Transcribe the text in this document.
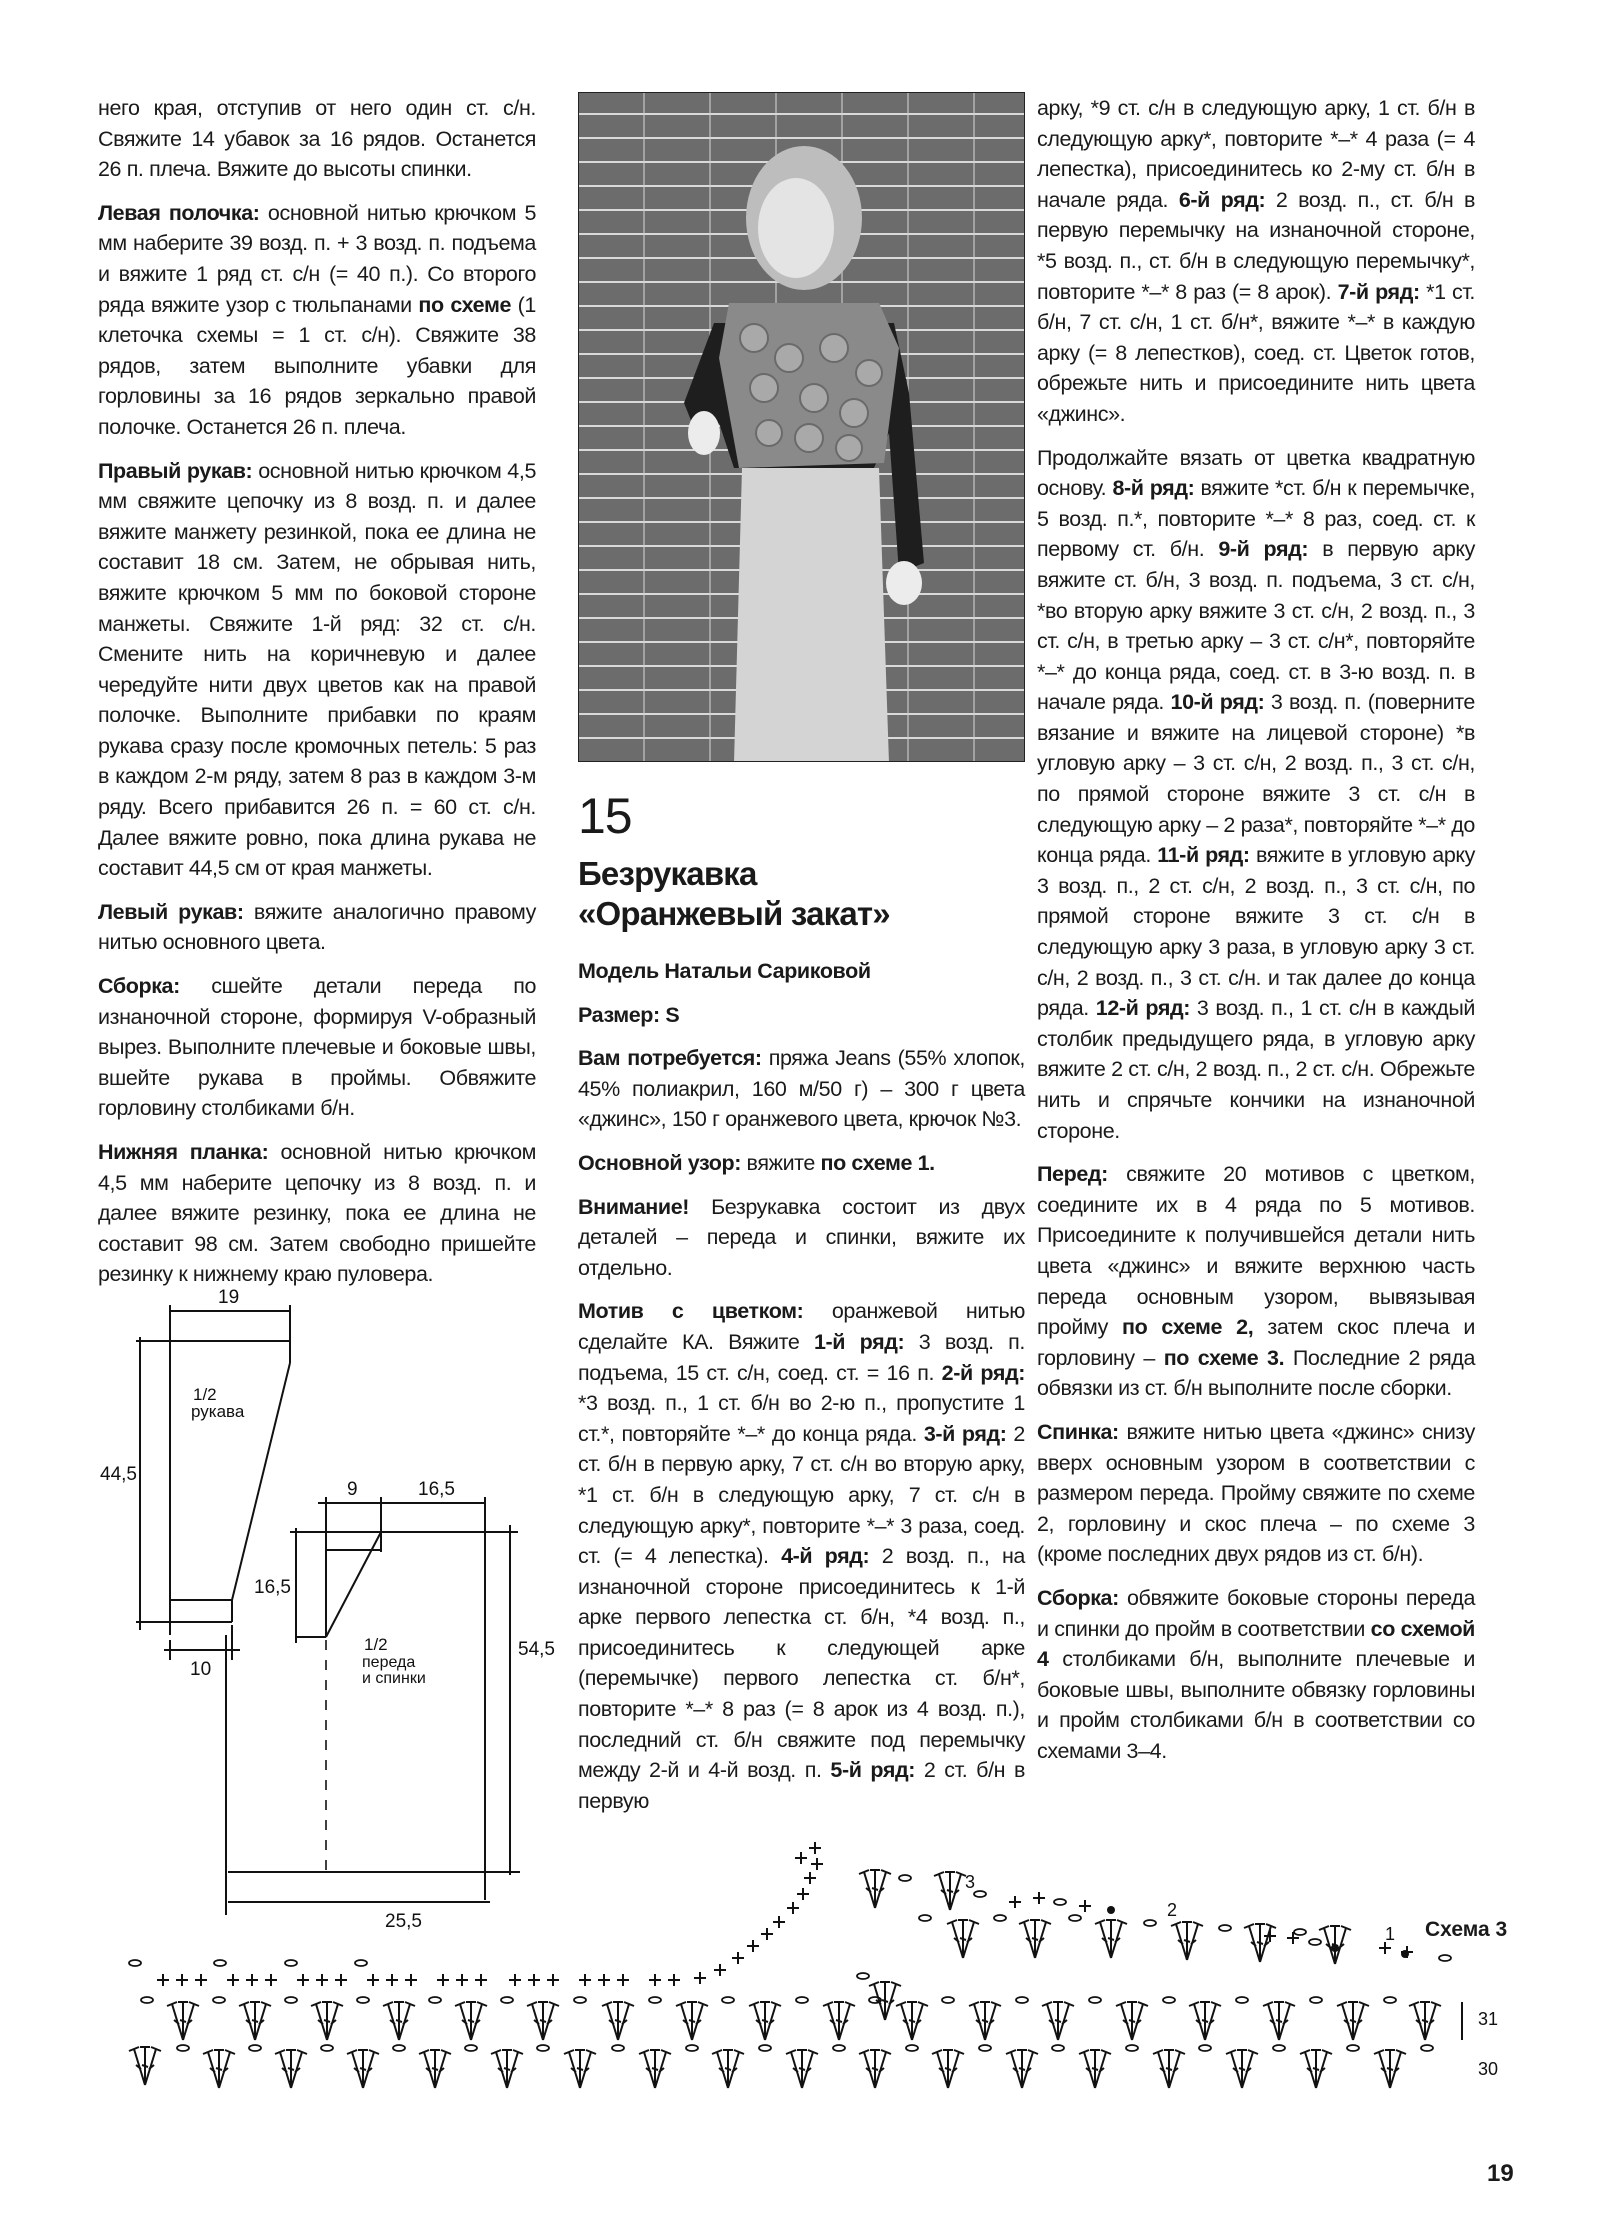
него края, отступив от него один ст. с/н. Свяжите 14 убавок за 16 рядов. Останется 26 п. плеча. Вяжите до высоты спинки.

Левая полочка: основной нитью крючком 5 мм наберите 39 возд. п. + 3 возд. п. подъема и вяжите 1 ряд ст. с/н (= 40 п.). Со второго ряда вяжите узор с тюльпанами по схеме (1 клеточка схемы = 1 ст. с/н). Свяжите 38 рядов, затем выполните убавки для горловины за 16 рядов зеркально правой полочке. Останется 26 п. плеча.

Правый рукав: основной нитью крючком 4,5 мм свяжите цепочку из 8 возд. п. и далее вяжите манжету резинкой, пока ее длина не составит 18 см. Затем, не обрывая нить, вяжите крючком 5 мм по боковой стороне манжеты. Свяжите 1-й ряд: 32 ст. с/н. Смените нить на коричневую и далее чередуйте нити двух цветов как на правой полочке. Выполните прибавки по краям рукава сразу после кромочных петель: 5 раз в каждом 2-м ряду, затем 8 раз в каждом 3-м ряду. Всего прибавится 26 п. = 60 ст. с/н. Далее вяжите ровно, пока длина рукава не составит 44,5 см от края манжеты.

Левый рукав: вяжите аналогично правому нитью основного цвета.

Сборка: сшейте детали переда по изнаночной стороне, формируя V-образный вырез. Выполните плечевые и боковые швы, вшейте рукава в проймы. Обвяжите горловину столбиками б/н.

Нижняя планка: основной нитью крючком 4,5 мм наберите цепочку из 8 возд. п. и далее вяжите резинку, пока ее длина не составит 98 см. Затем свободно пришейте резинку к нижнему краю пуловера.

15
Безрукавка
«Оранжевый закат»

Модель Натальи Сариковой

Размер: S

Вам потребуется: пряжа Jeans (55% хлопок, 45% полиакрил, 160 м/50 г) – 300 г цвета «джинс», 150 г оранжевого цвета, крючок №3.

Основной узор: вяжите по схеме 1.

Внимание! Безрукавка состоит из двух деталей – переда и спинки, вяжите их отдельно.

Мотив с цветком: оранжевой нитью сделайте КА. Вяжите 1-й ряд: 3 возд. п. подъема, 15 ст. с/н, соед. ст. = 16 п. 2-й ряд: *3 возд. п., 1 ст. б/н во 2-ю п., пропустите 1 ст.*, повторяйте *–* до конца ряда. 3-й ряд: 2 ст. б/н в первую арку, 7 ст. с/н во вторую арку, *1 ст. б/н в следующую арку, 7 ст. с/н в следующую арку*, повторите *–* 3 раза, соед. ст. (= 4 лепестка). 4-й ряд: 2 возд. п., на изнаночной стороне присоединитесь к 1-й арке первого лепестка ст. б/н, *4 возд. п., присоединитесь к следующей арке (перемычке) первого лепестка ст. б/н*, повторите *–* 8 раз (= 8 арок из 4 возд. п.), последний ст. б/н свяжите под перемычку между 2-й и 4-й возд. п. 5-й ряд: 2 ст. б/н в первую

арку, *9 ст. с/н в следующую арку, 1 ст. б/н в следующую арку*, повторите *–* 4 раза (= 4 лепестка), присоединитесь ко 2-му ст. б/н в начале ряда. 6-й ряд: 2 возд. п., ст. б/н в первую перемычку на изнаночной стороне, *5 возд. п., ст. б/н в следующую перемычку*, повторите *–* 8 раз (= 8 арок). 7-й ряд: *1 ст. б/н, 7 ст. с/н, 1 ст. б/н*, вяжите *–* в каждую арку (= 8 лепестков), соед. ст. Цветок готов, обрежьте нить и присоедините нить цвета «джинс».

Продолжайте вязать от цветка квадратную основу. 8-й ряд: вяжите *ст. б/н к перемычке, 5 возд. п.*, повторите *–* 8 раз, соед. ст. к первому ст. б/н. 9-й ряд: в первую арку вяжите ст. б/н, 3 возд. п. подъема, 3 ст. с/н, *во вторую арку вяжите 3 ст. с/н, 2 возд. п., 3 ст. с/н, в третью арку – 3 ст. с/н*, повторяйте *–* до конца ряда, соед. ст. в 3-ю возд. п. в начале ряда. 10-й ряд: 3 возд. п. (поверните вязание и вяжите на лицевой стороне) *в угловую арку – 3 ст. с/н, 2 возд. п., 3 ст. с/н, по прямой стороне вяжите 3 ст. с/н в следующую арку – 2 раза*, повторяйте *–* до конца ряда. 11-й ряд: вяжите в угловую арку 3 возд. п., 2 ст. с/н, 2 возд. п., 3 ст. с/н, по прямой стороне вяжите 3 ст. с/н в следующую арку 3 раза, в угловую арку 3 ст. с/н, 2 возд. п., 3 ст. с/н. и так далее до конца ряда. 12-й ряд: 3 возд. п., 1 ст. с/н в каждый столбик предыдущего ряда, в угловую арку вяжите 2 ст. с/н, 2 возд. п., 2 ст. с/н. Обрежьте нить и спрячьте кончики на изнаночной стороне.

Перед: свяжите 20 мотивов с цветком, соедините их в 4 ряда по 5 мотивов. Присоедините к получившейся детали нить цвета «джинс» и вяжите верхнюю часть переда основным узором, вывязывая пройму по схеме 2, затем скос плеча и горловину – по схеме 3. Последние 2 ряда обвязки из ст. б/н выполните после сборки.

Спинка: вяжите нитью цвета «джинс» снизу вверх основным узором в соответствии с размером переда. Пройму свяжите по схеме 2, горловину и скос плеча – по схеме 3 (кроме последних двух рядов из ст. б/н).

Сборка: обвяжите боковые стороны переда и спинки до пройм в соответствии со схемой 4 столбиками б/н, выполните плечевые и боковые швы, выполните обвязку горловины и пройм столбиками б/н в соответствии со схемами 3–4.

19
44,5
10
1/2
рукава
9	16,5
16,5
54,5
25,5
1/2
переда
и спинки
Схема 3
31
30
1
2
3
19
